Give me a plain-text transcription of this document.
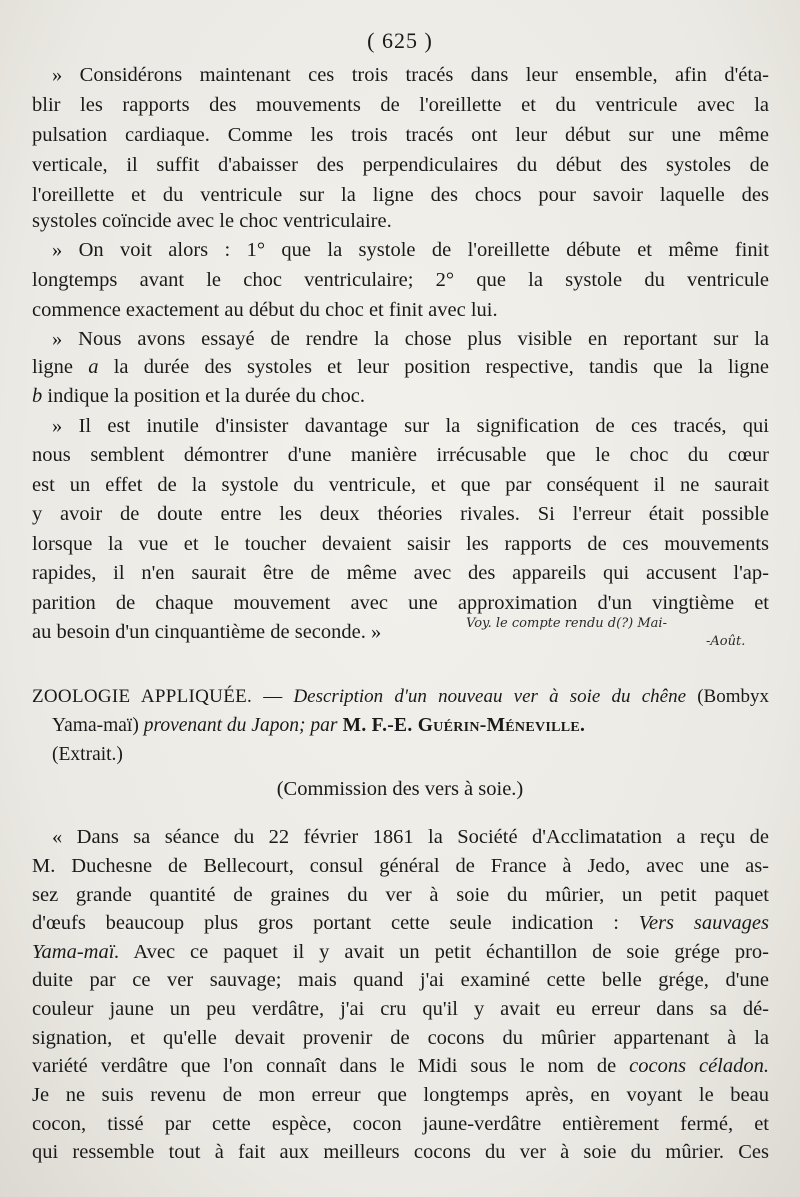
( 625 )
» Considérons maintenant ces trois tracés dans leur ensemble, afin d'éta-
blir les rapports des mouvements de l'oreillette et du ventricule avec la
pulsation cardiaque. Comme les trois tracés ont leur début sur une même
verticale, il suffit d'abaisser des perpendiculaires du début des systoles de
l'oreillette et du ventricule sur la ligne des chocs pour savoir laquelle des
systoles coïncide avec le choc ventriculaire.
» On voit alors : 1° que la systole de l'oreillette débute et même finit
longtemps avant le choc ventriculaire; 2° que la systole du ventricule
commence exactement au début du choc et finit avec lui.
» Nous avons essayé de rendre la chose plus visible en reportant sur la
ligne a la durée des systoles et leur position respective, tandis que la ligne
b indique la position et la durée du choc.
» Il est inutile d'insister davantage sur la signification de ces tracés, qui
nous semblent démontrer d'une manière irrécusable que le choc du cœur
est un effet de la systole du ventricule, et que par conséquent il ne saurait
y avoir de doute entre les deux théories rivales. Si l'erreur était possible
lorsque la vue et le toucher devaient saisir les rapports de ces mouvements
rapides, il n'en saurait être de même avec des appareils qui accusent l'ap-
parition de chaque mouvement avec une approximation d'un vingtième et
au besoin d'un cinquantième de seconde. »	Voy. le compte rendu d(?) Mai-
-Août.
ZOOLOGIE APPLIQUÉE. — Description d'un nouveau ver à soie du chêne (Bombyx
Yama-maï) provenant du Japon; par M. F.-E. Guérin-Méneville.
(Extrait.)
(Commission des vers à soie.)
« Dans sa séance du 22 février 1861 la Société d'Acclimatation a reçu de
M. Duchesne de Bellecourt, consul général de France à Jedo, avec une as-
sez grande quantité de graines du ver à soie du mûrier, un petit paquet
d'œufs beaucoup plus gros portant cette seule indication : Vers sauvages
Yama-maï. Avec ce paquet il y avait un petit échantillon de soie grége pro-
duite par ce ver sauvage; mais quand j'ai examiné cette belle grége, d'une
couleur jaune un peu verdâtre, j'ai cru qu'il y avait eu erreur dans sa dé-
signation, et qu'elle devait provenir de cocons du mûrier appartenant à la
variété verdâtre que l'on connaît dans le Midi sous le nom de cocons céladon.
Je ne suis revenu de mon erreur que longtemps après, en voyant le beau
cocon, tissé par cette espèce, cocon jaune-verdâtre entièrement fermé, et
qui ressemble tout à fait aux meilleurs cocons du ver à soie du mûrier. Ces
